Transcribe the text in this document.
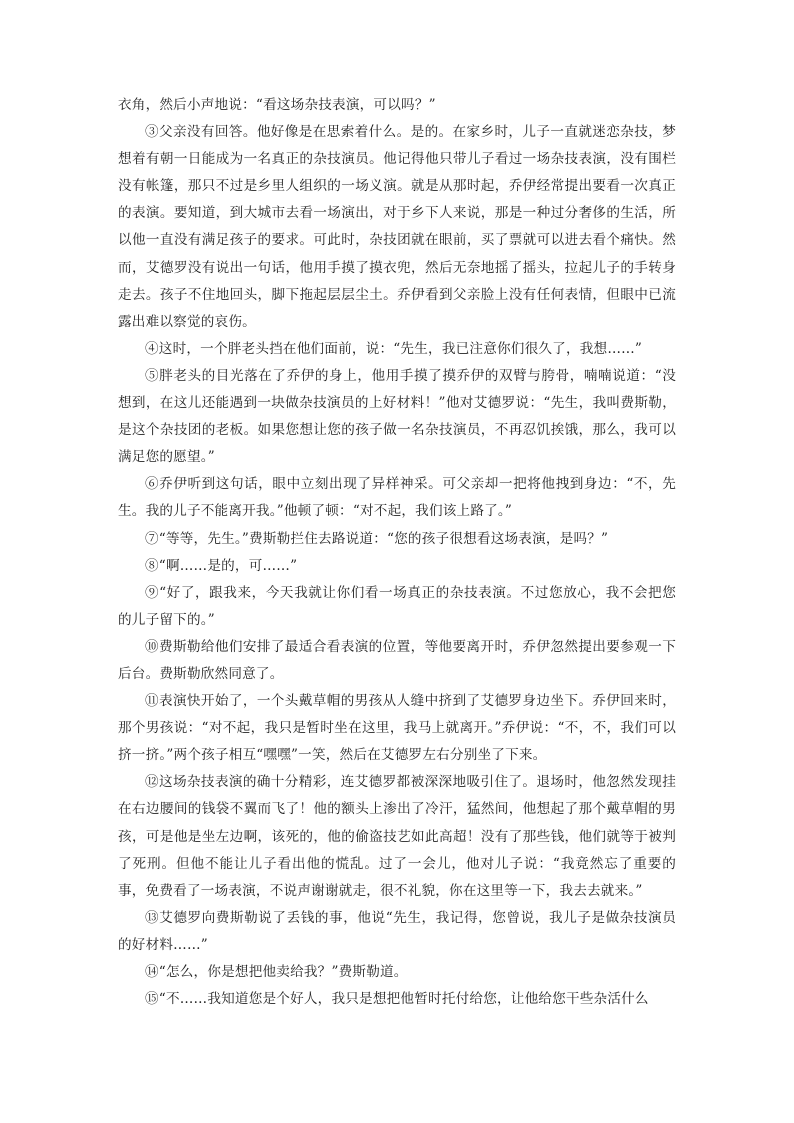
衣角，然后小声地说：“看这场杂技表演，可以吗？”

③父亲没有回答。他好像是在思索着什么。是的。在家乡时，儿子一直就迷恋杂技，梦想着有朝一日能成为一名真正的杂技演员。他记得他只带儿子看过一场杂技表演，没有围栏没有帐篷，那只不过是乡里人组织的一场义演。就是从那时起，乔伊经常提出要看一次真正的表演。要知道，到大城市去看一场演出，对于乡下人来说，那是一种过分奢侈的生活，所以他一直没有满足孩子的要求。可此时，杂技团就在眼前，买了票就可以进去看个痛快。然而，艾德罗没有说出一句话，他用手摸了摸衣兜，然后无奈地摇了摇头，拉起儿子的手转身走去。孩子不住地回头，脚下拖起层层尘土。乔伊看到父亲脸上没有任何表情，但眼中已流露出难以察觉的哀伤。

④这时，一个胖老头挡在他们面前，说：“先生，我已注意你们很久了，我想……”

⑤胖老头的目光落在了乔伊的身上，他用手摸了摸乔伊的双臂与胯骨，喃喃说道：“没想到，在这儿还能遇到一块做杂技演员的上好材料！”他对艾德罗说：“先生，我叫费斯勒，是这个杂技团的老板。如果您想让您的孩子做一名杂技演员，不再忍饥挨饿，那么，我可以满足您的愿望。”

⑥乔伊听到这句话，眼中立刻出现了异样神采。可父亲却一把将他拽到身边：“不，先生。我的儿子不能离开我。”他顿了顿：“对不起，我们该上路了。”

⑦“等等，先生。”费斯勒拦住去路说道：“您的孩子很想看这场表演，是吗？”

⑧“啊……是的，可……”

⑨“好了，跟我来，今天我就让你们看一场真正的杂技表演。不过您放心，我不会把您的儿子留下的。”

⑩费斯勒给他们安排了最适合看表演的位置，等他要离开时，乔伊忽然提出要参观一下后台。费斯勒欣然同意了。

⑪表演快开始了，一个头戴草帽的男孩从人缝中挤到了艾德罗身边坐下。乔伊回来时，那个男孩说：“对不起，我只是暂时坐在这里，我马上就离开。”乔伊说：“不，不，我们可以挤一挤。”两个孩子相互“嘿嘿”一笑，然后在艾德罗左右分别坐了下来。

⑫这场杂技表演的确十分精彩，连艾德罗都被深深地吸引住了。退场时，他忽然发现挂在右边腰间的钱袋不翼而飞了！他的额头上渗出了冷汗，猛然间，他想起了那个戴草帽的男孩，可是他是坐左边啊，该死的，他的偷盗技艺如此高超！没有了那些钱，他们就等于被判了死刑。但他不能让儿子看出他的慌乱。过了一会儿，他对儿子说：“我竟然忘了重要的事，免费看了一场表演，不说声谢谢就走，很不礼貌，你在这里等一下，我去去就来。”

⑬艾德罗向费斯勒说了丢钱的事，他说“先生，我记得，您曾说，我儿子是做杂技演员的好材料……”

⑭“怎么，你是想把他卖给我？”费斯勒道。

⑮“不……我知道您是个好人，我只是想把他暂时托付给您，让他给您干些杂活什么
